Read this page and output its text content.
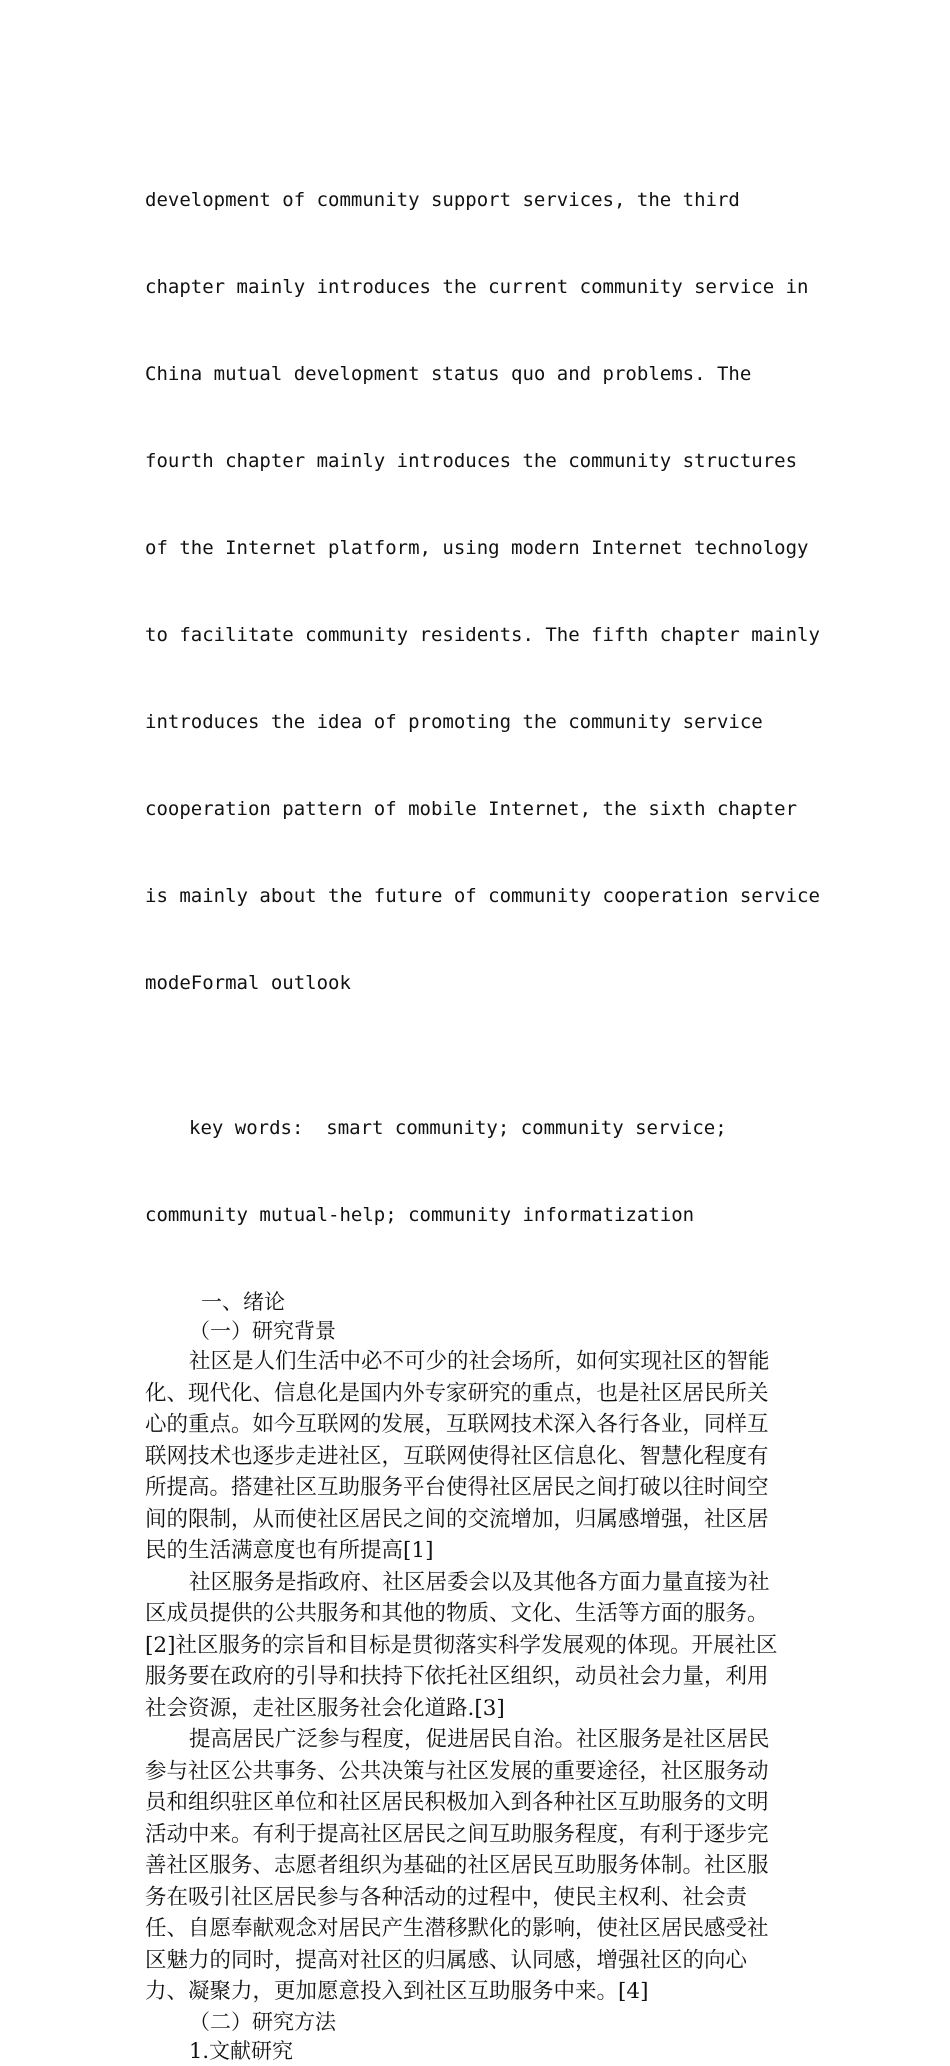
development of community support services, the third

chapter mainly introduces the current community service in

China mutual development status quo and problems. The

fourth chapter mainly introduces the community structures

of the Internet platform, using modern Internet technology

to facilitate community residents. The fifth chapter mainly

introduces the idea of promoting the community service

cooperation pattern of mobile Internet, the sixth chapter

is mainly about the future of community cooperation service

modeFormal outlook

key words:  smart community; community service;

community mutual-help; community informatization

一、绪论
（一）研究背景
社区是人们生活中必不可少的社会场所，如何实现社区的智能
化、现代化、信息化是国内外专家研究的重点，也是社区居民所关
心的重点。如今互联网的发展，互联网技术深入各行各业，同样互
联网技术也逐步走进社区，互联网使得社区信息化、智慧化程度有
所提高。搭建社区互助服务平台使得社区居民之间打破以往时间空
间的限制，从而使社区居民之间的交流增加，归属感增强，社区居
民的生活满意度也有所提高[1]
社区服务是指政府、社区居委会以及其他各方面力量直接为社
区成员提供的公共服务和其他的物质、文化、生活等方面的服务。
[2]社区服务的宗旨和目标是贯彻落实科学发展观的体现。开展社区
服务要在政府的引导和扶持下依托社区组织，动员社会力量，利用
社会资源，走社区服务社会化道路.[3]
提高居民广泛参与程度，促进居民自治。社区服务是社区居民
参与社区公共事务、公共决策与社区发展的重要途径，社区服务动
员和组织驻区单位和社区居民积极加入到各种社区互助服务的文明
活动中来。有利于提高社区居民之间互助服务程度，有利于逐步完
善社区服务、志愿者组织为基础的社区居民互助服务体制。社区服
务在吸引社区居民参与各种活动的过程中，使民主权利、社会责
任、自愿奉献观念对居民产生潜移默化的影响，使社区居民感受社
区魅力的同时，提高对社区的归属感、认同感，增强社区的向心
力、凝聚力，更加愿意投入到社区互助服务中来。[4]
（二）研究方法
1.文献研究
